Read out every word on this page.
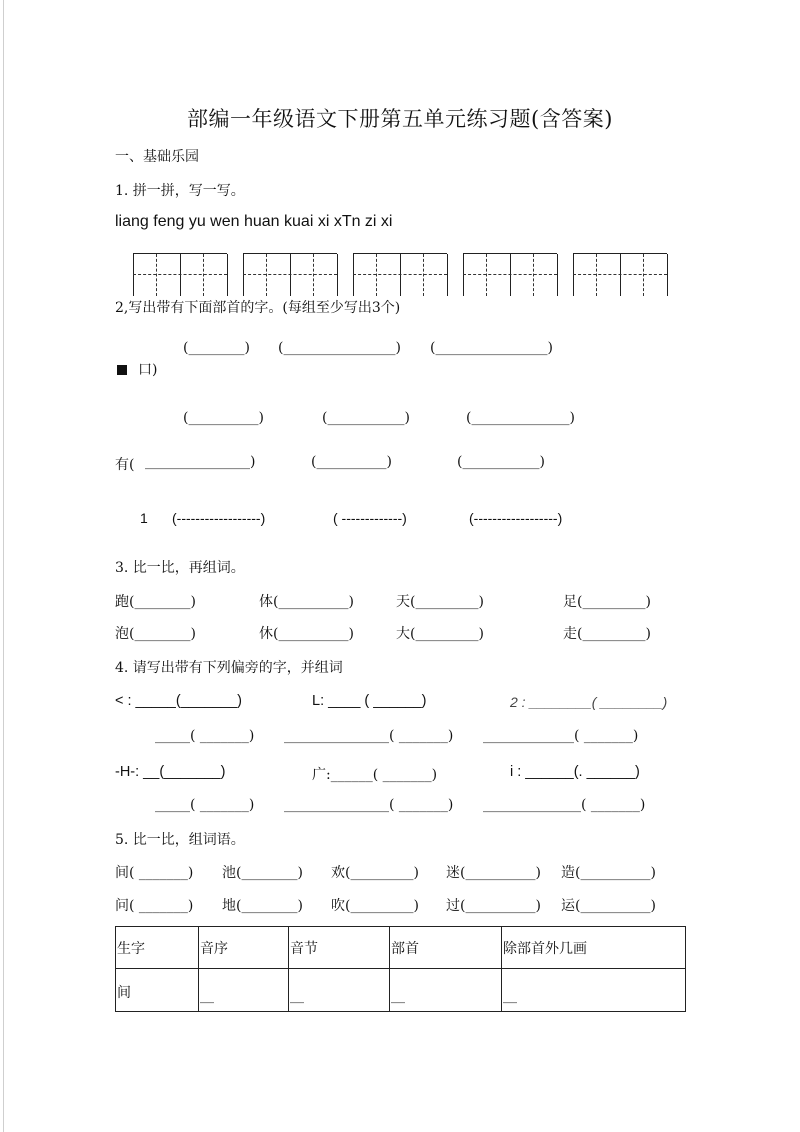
部编一年级语文下册第五单元练习题(含答案)
一、基础乐园
1. 拼一拼，写一写。
liang feng yu wen huan kuai xi xTn zi xi
2,写出带有下面部首的字。(每组至少写出3个)
(________) (________________) (________________)
口)
(__________)	(___________)	(______________)
有( _______________)	(__________)	(___________)
1 (------------------)	( -------------)	(------------------)
3. 比一比，再组词。
跑(________)	体(__________)	天(_________)	足(_________)
泡(________)	休(__________)	大(_________)	走(_________)
4. 请写出带有下列偏旁的字，并组词
< : _____(_______)	L: ____ ( ______)	2 : ________( ________)
_____( _______) _______________( _______) _____________( _______)
-H-: __(_______)	广:______( _______)	i : ______(. ______)
_____( _______) _______________( _______) ______________( _______)
5. 比一比，组词语。
间( _______) 池(________) 欢(_________) 迷(__________) 造(__________)
问( _______) 地(________) 吹(_________) 过(__________) 运(__________)
生字	音序	音节	部首	除部首外几画

间	__	__	__	__
